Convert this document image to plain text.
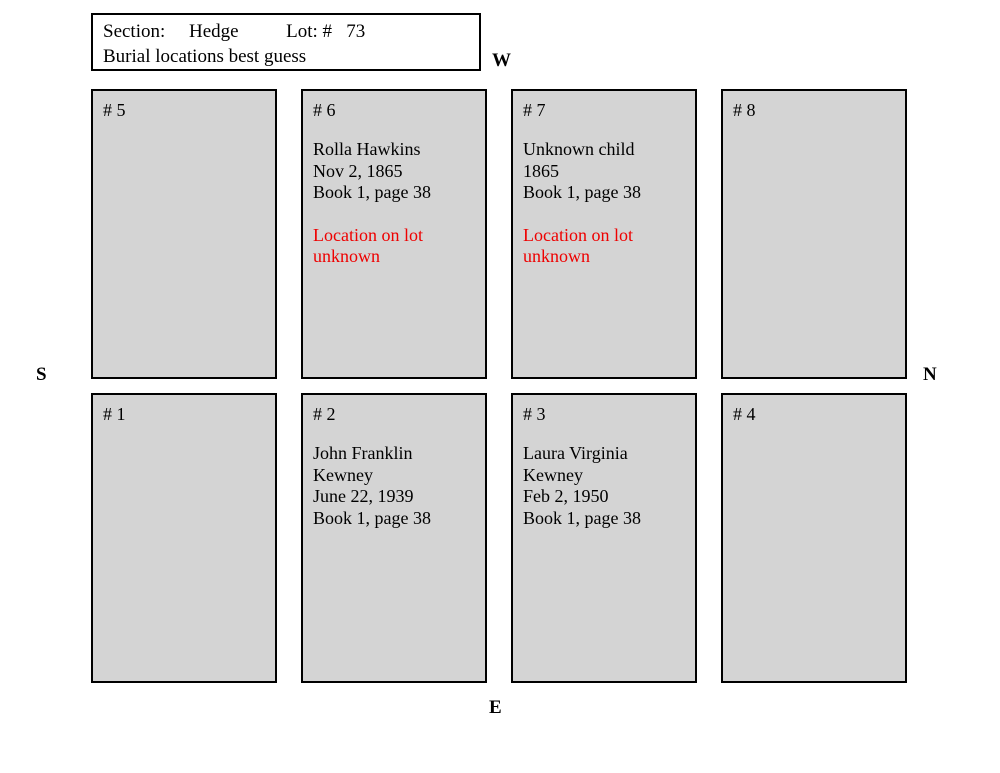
Section:     Hedge          Lot: #   73
Burial locations best guess	W
N
S
E
# 5	# 6
Rolla Hawkins
Nov 2, 1865
Book 1, page 38
Location on lot unknown
# 7
Unknown child
1865
Book 1, page 38
Location on lot unknown
# 8
# 1	# 2
John Franklin
Kewney
June 22, 1939
Book 1, page 38
# 3
Laura Virginia
Kewney
Feb 2, 1950
Book 1, page 38
# 4
